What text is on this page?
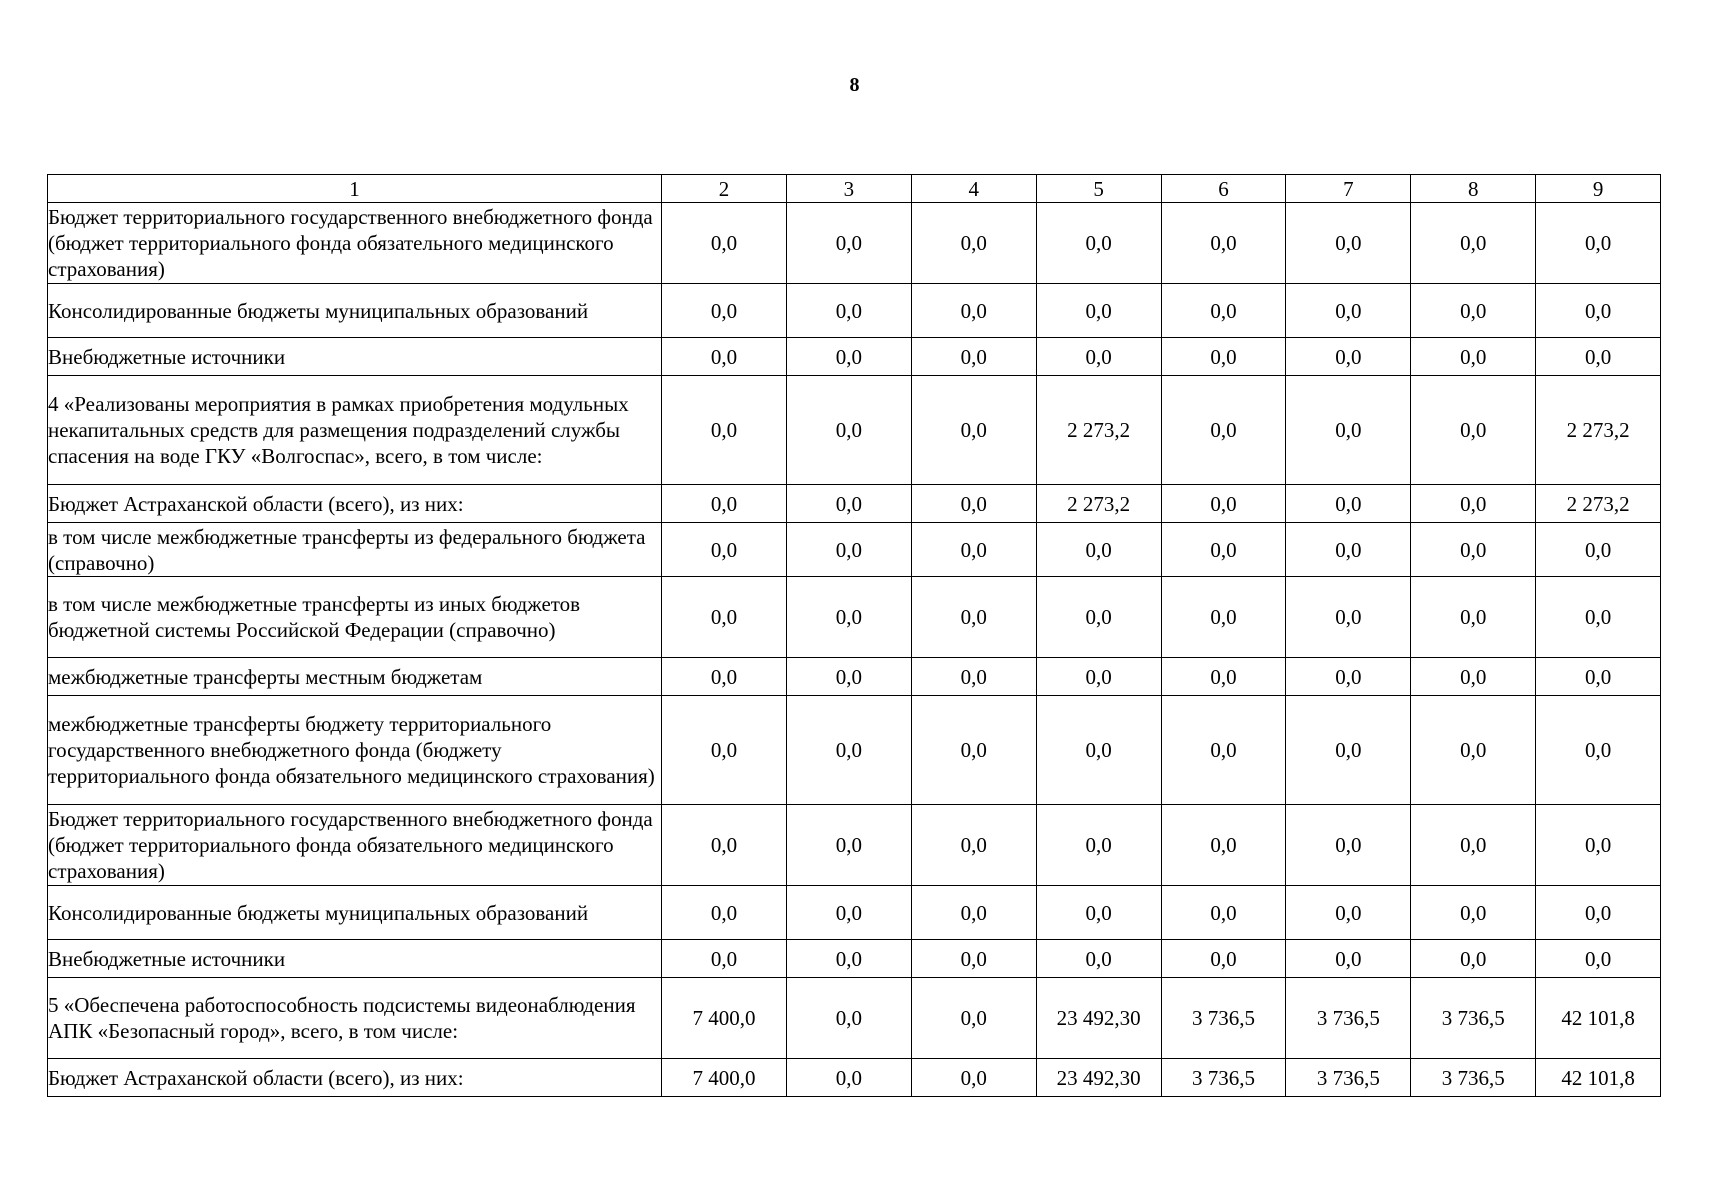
8
1	2	3	4	5	6	7	8	9
Бюджет территориального государственного внебюджетного фонда (бюджет территориального фонда обязательного медицинского страхования)	0,0	0,0	0,0	0,0	0,0	0,0	0,0	0,0
Консолидированные бюджеты муниципальных образований	0,0	0,0	0,0	0,0	0,0	0,0	0,0	0,0
Внебюджетные источники	0,0	0,0	0,0	0,0	0,0	0,0	0,0	0,0
4 «Реализованы мероприятия в рамках приобретения модульных некапитальных средств для размещения подразделений службы спасения на воде ГКУ «Волгоспас», всего, в том числе:	0,0	0,0	0,0	2 273,2	0,0	0,0	0,0	2 273,2
Бюджет Астраханской области (всего), из них:	0,0	0,0	0,0	2 273,2	0,0	0,0	0,0	2 273,2
в том числе межбюджетные трансферты из федерального бюджета (справочно)	0,0	0,0	0,0	0,0	0,0	0,0	0,0	0,0
в том числе межбюджетные трансферты из иных бюджетов бюджетной системы Российской Федерации (справочно)	0,0	0,0	0,0	0,0	0,0	0,0	0,0	0,0
межбюджетные трансферты местным бюджетам	0,0	0,0	0,0	0,0	0,0	0,0	0,0	0,0
межбюджетные трансферты бюджету территориального государственного внебюджетного фонда (бюджету территориального фонда обязательного медицинского страхования)	0,0	0,0	0,0	0,0	0,0	0,0	0,0	0,0
Бюджет территориального государственного внебюджетного фонда (бюджет территориального фонда обязательного медицинского страхования)	0,0	0,0	0,0	0,0	0,0	0,0	0,0	0,0
Консолидированные бюджеты муниципальных образований	0,0	0,0	0,0	0,0	0,0	0,0	0,0	0,0
Внебюджетные источники	0,0	0,0	0,0	0,0	0,0	0,0	0,0	0,0
5 «Обеспечена работоспособность подсистемы видеонаблюдения АПК «Безопасный город», всего, в том числе:	7 400,0	0,0	0,0	23 492,30	3 736,5	3 736,5	3 736,5	42 101,8
Бюджет Астраханской области (всего), из них:	7 400,0	0,0	0,0	23 492,30	3 736,5	3 736,5	3 736,5	42 101,8
